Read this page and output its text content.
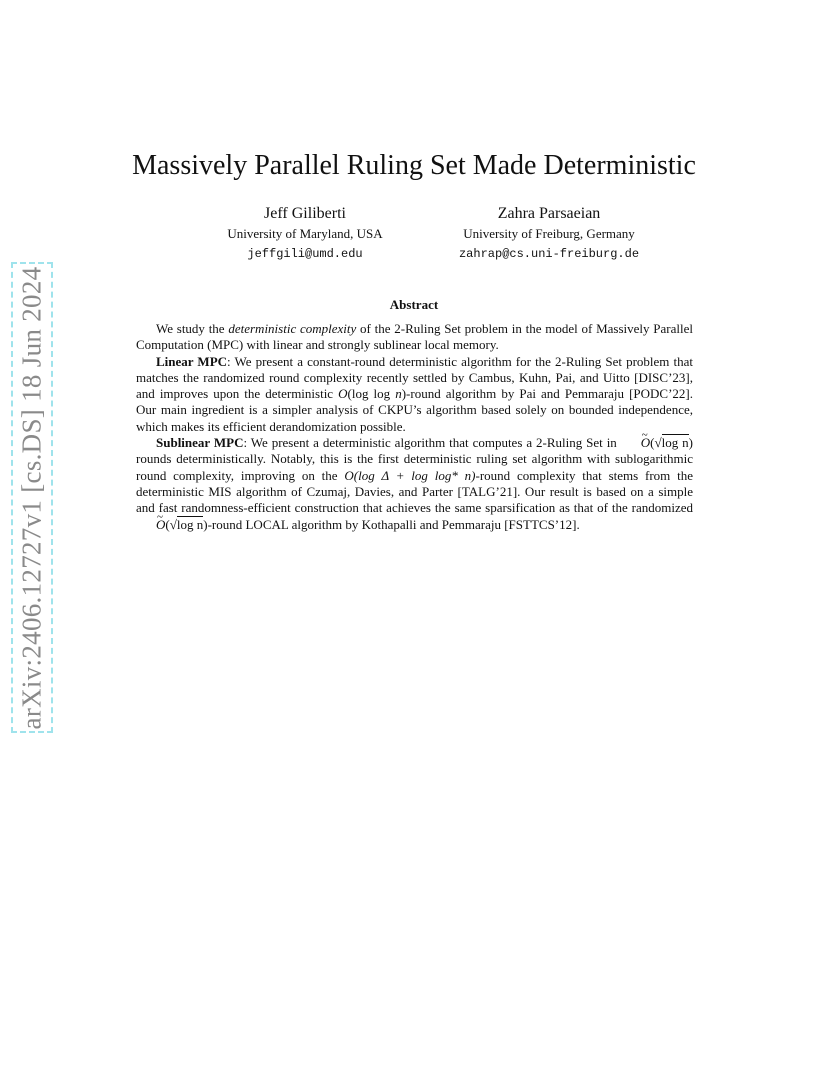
arXiv:2406.12727v1 [cs.DS] 18 Jun 2024
Massively Parallel Ruling Set Made Deterministic
Jeff Giliberti
University of Maryland, USA
jeffgili@umd.edu
Zahra Parsaeian
University of Freiburg, Germany
zahrap@cs.uni-freiburg.de
Abstract

We study the deterministic complexity of the 2-Ruling Set problem in the model of Massively Parallel Computation (MPC) with linear and strongly sublinear local memory.

Linear MPC: We present a constant-round deterministic algorithm for the 2-Ruling Set problem that matches the randomized round complexity recently settled by Cambus, Kuhn, Pai, and Uitto [DISC’23], and improves upon the deterministic O(log log n)-round algorithm by Pai and Pemmaraju [PODC’22]. Our main ingredient is a simpler analysis of CKPU’s algorithm based solely on bounded independence, which makes its efficient derandomization possible.

Sublinear MPC: We present a deterministic algorithm that computes a 2-Ruling Set in ~ O(√log n) rounds deterministically. Notably, this is the first deterministic ruling set algorithm with sublogarithmic round complexity, improving on the O(log Δ + log log* n)-round complexity that stems from the deterministic MIS algorithm of Czumaj, Davies, and Parter [TALG’21]. Our result is based on a simple and fast randomness-efficient construction that achieves the same sparsification as that of the randomized ~ O(√log n)-round LOCAL algorithm by Kothapalli and Pemmaraju [FSTTCS’12].
